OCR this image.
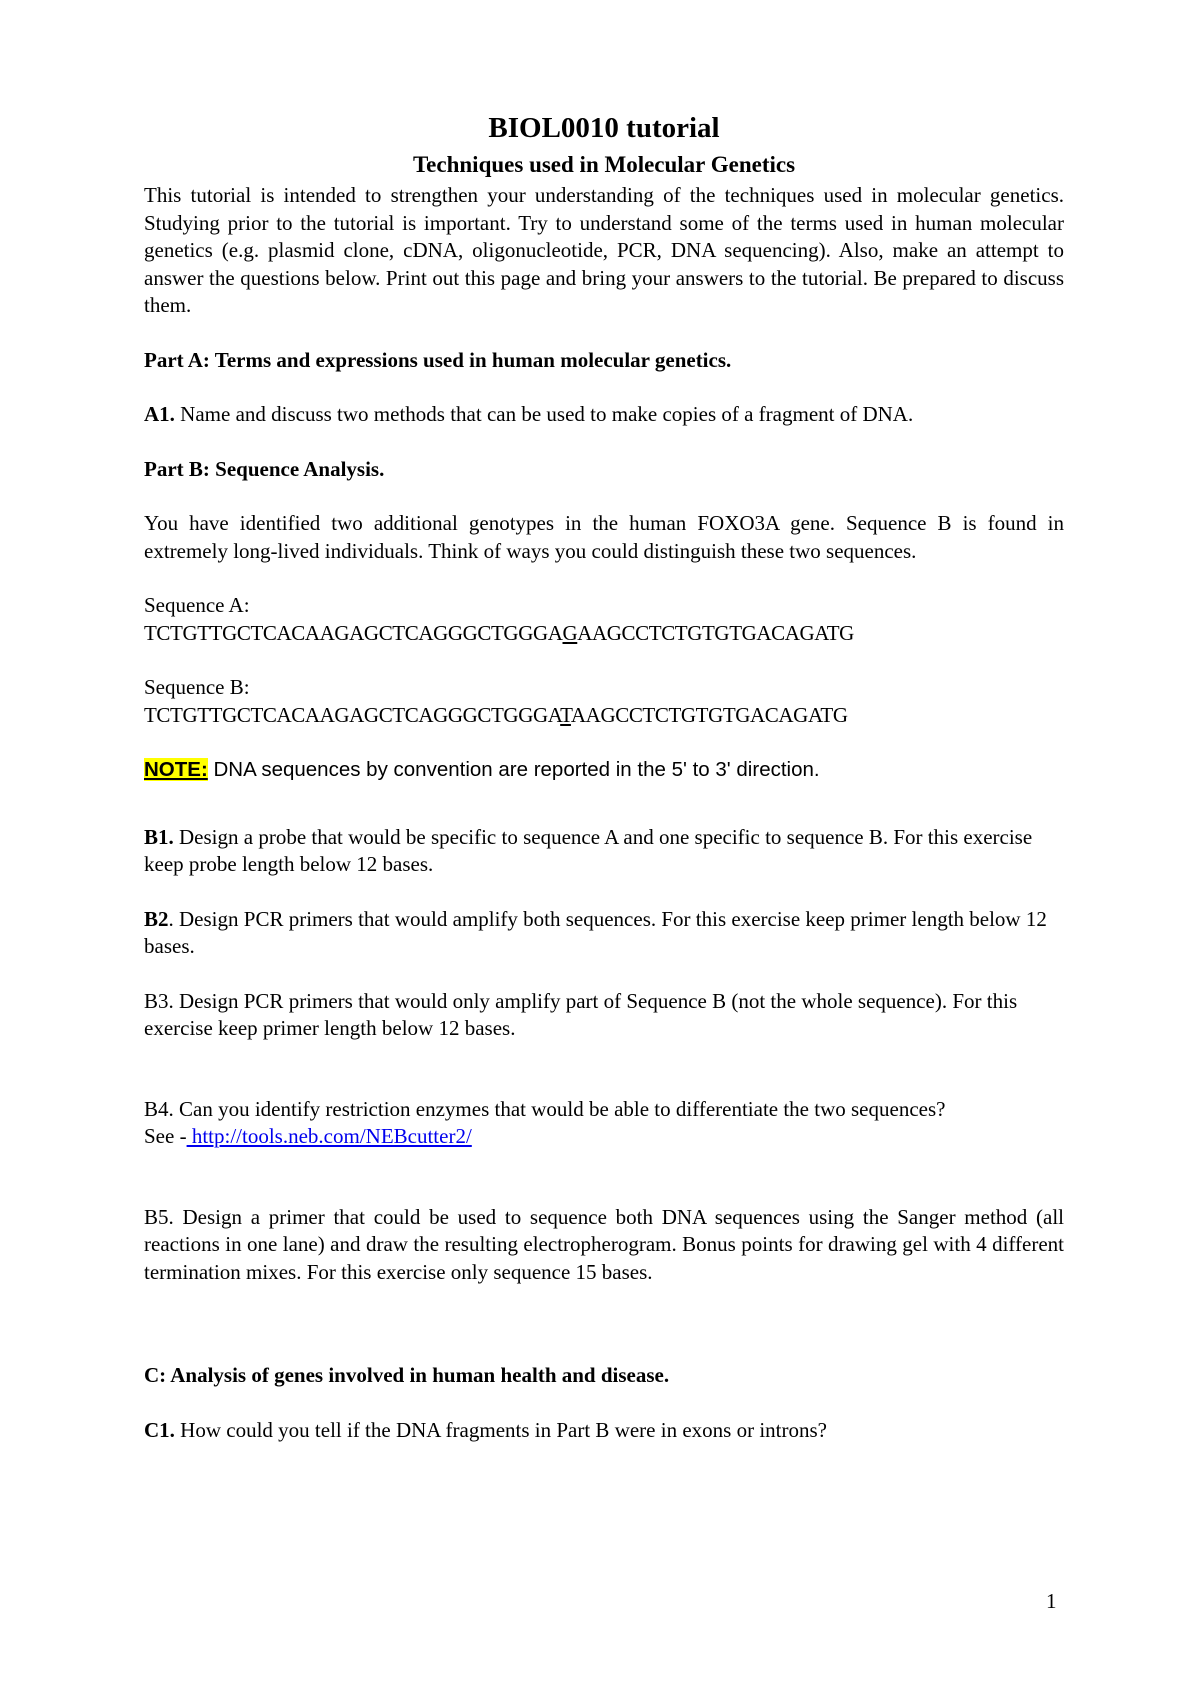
BIOL0010 tutorial
Techniques used in Molecular Genetics

This tutorial is intended to strengthen your understanding of the techniques used in molecular genetics. Studying prior to the tutorial is important. Try to understand some of the terms used in human molecular genetics (e.g. plasmid clone, cDNA, oligonucleotide, PCR, DNA sequencing). Also, make an attempt to answer the questions below. Print out this page and bring your answers to the tutorial. Be prepared to discuss them.

Part A: Terms and expressions used in human molecular genetics.

A1. Name and discuss two methods that can be used to make copies of a fragment of DNA.

Part B: Sequence Analysis.

You have identified two additional genotypes in the human FOXO3A gene. Sequence B is found in extremely long-lived individuals. Think of ways you could distinguish these two sequences.

Sequence A:

TCTGTTGCTCACAAGAGCTCAGGGCTGGGAGAAGCCTCTGTGTGACAGATG

Sequence B:

TCTGTTGCTCACAAGAGCTCAGGGCTGGGATAAGCCTCTGTGTGACAGATG

NOTE: DNA sequences by convention are reported in the 5' to 3' direction.

B1. Design a probe that would be specific to sequence A and one specific to sequence B. For this exercise keep probe length below 12 bases.

B2. Design PCR primers that would amplify both sequences. For this exercise keep primer length below 12 bases.

B3. Design PCR primers that would only amplify part of Sequence B (not the whole sequence). For this exercise keep primer length below 12 bases.

B4. Can you identify restriction enzymes that would be able to differentiate the two sequences?

See - http://tools.neb.com/NEBcutter2/

B5. Design a primer that could be used to sequence both DNA sequences using the Sanger method (all reactions in one lane) and draw the resulting electropherogram. Bonus points for drawing gel with 4 different termination mixes. For this exercise only sequence 15 bases.

C: Analysis of genes involved in human health and disease.

C1. How could you tell if the DNA fragments in Part B were in exons or introns?

1
